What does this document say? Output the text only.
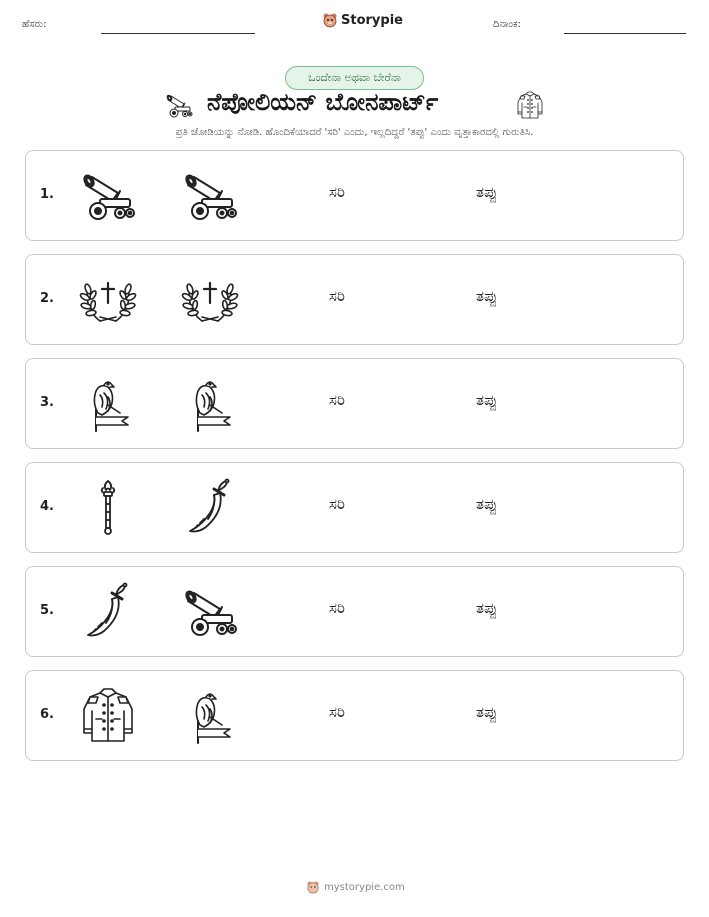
ಹೆಸರು:	Storypie	ದಿನಾಂಕ:
ಒಂದೇನಾ ಅಥವಾ ಬೇರೆನಾ
ನೆಪೋಲಿಯನ್ ಬೋನಪಾರ್ಟ್
ಪ್ರತಿ ಜೋಡಿಯನ್ನು ನೋಡಿ. ಹೊಂದಿಕೆಯಾದರೆ 'ಸರಿ' ಎಂದು, ಇಲ್ಲದಿದ್ದರೆ 'ತಪ್ಪು' ಎಂದು ವೃತ್ತಾಕಾರದಲ್ಲಿ ಗುರುತಿಸಿ.
1.	ಸರಿ	ತಪ್ಪು
2.	ಸರಿ	ತಪ್ಪು
3.	ಸರಿ	ತಪ್ಪು
4.	ಸರಿ	ತಪ್ಪು
5.	ಸರಿ	ತಪ್ಪು
6.	ಸರಿ	ತಪ್ಪು
mystorypie.com
